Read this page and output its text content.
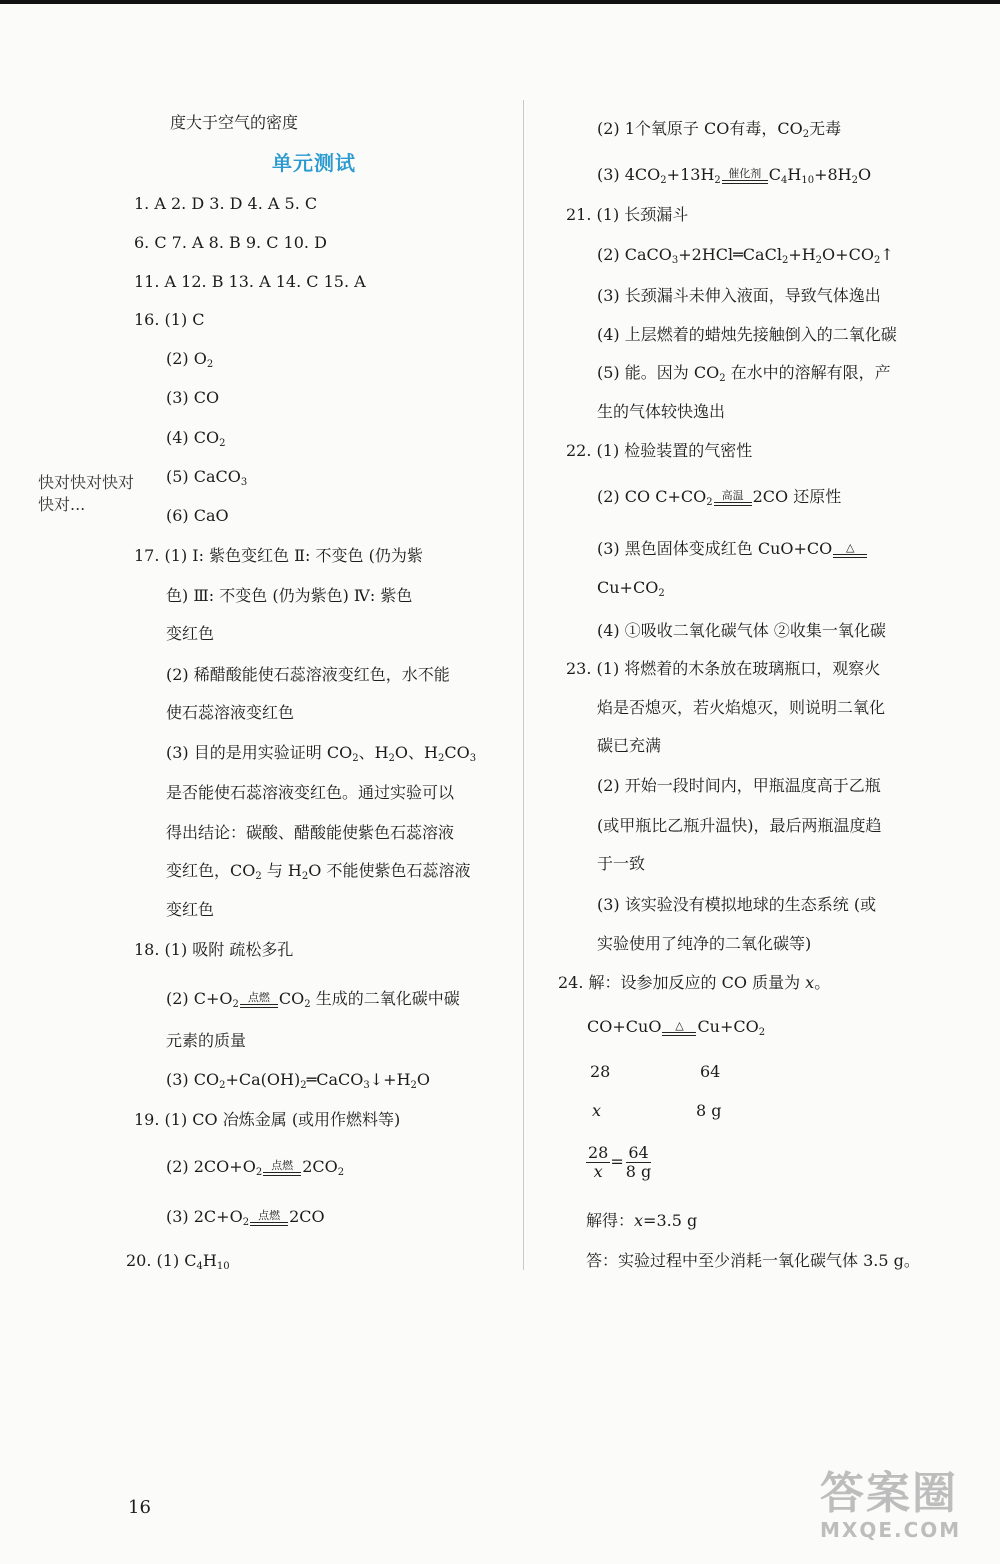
度大于空气的密度
单元测试
1. A 2. D 3. D 4. A 5. C
6. C 7. A 8. B 9. C 10. D
11. A 12. B 13. A 14. C 15. A
16. (1) C
(2) $O_2$
(3) CO
(4) $CO_2$
(5) CaCO$_3$
(6) CaO
17. (1) Ⅰ: 紫色变红色 Ⅱ: 不变色 (仍为紫
色) Ⅲ: 不变色 (仍为紫色) Ⅳ: 紫色
变红色
(2) 稀醋酸能使石蕊溶液变红色，水不能
使石蕊溶液变红色
(3) 目的是用实验证明 $CO_2$、$H_2O$、$H_2CO_3$
是否能使石蕊溶液变红色。通过实验可以
得出结论：碳酸、醋酸能使紫色石蕊溶液
变红色，$CO_2$ 与 $H_2O$ 不能使紫色石蕊溶液
变红色
18. (1) 吸附 疏松多孔
(2) $C+O_2$
点燃 $CO_2$ 生成的二氧化碳中碳
元素的质量
(3) $CO_2+Ca(OH)_2═CaCO_3↓+H_2O$
19. (1) CO 冶炼金属 (或用作燃料等)
(2) $2CO+O_2$
点燃 $2CO_2$
(3) $2C+O_2$
点燃 2CO
20. (1) $C_4H_{10}$
快对快对快对
快对...
(2) 1个氧原子 CO有毒，$CO_2$无毒
(3) $4CO_2+13H_2$
催化剂 $C_4H_{10}+8H_2O$
21. (1) 长颈漏斗
(2) $CaCO_3+2HCl═CaCl_2+H_2O+CO_2↑$
(3) 长颈漏斗未伸入液面，导致气体逸出
(4) 上层燃着的蜡烛先接触倒入的二氧化碳
(5) 能。因为 $CO_2$ 在水中的溶解有限，产
生的气体较快逸出
22. (1) 检验装置的气密性
(2) CO $C+CO_2$
高温 2CO 还原性
(3) 黑色固体变成红色 CuO+CO △
$Cu+CO_2$
(4) ①吸收二氧化碳气体 ②收集一氧化碳
23. (1) 将燃着的木条放在玻璃瓶口，观察火
焰是否熄灭，若火焰熄灭，则说明二氧化
碳已充满
(2) 开始一段时间内，甲瓶温度高于乙瓶
(或甲瓶比乙瓶升温快)，最后两瓶温度趋
于一致
(3) 该实验没有模拟地球的生态系统 (或
实验使用了纯净的二氧化碳等)
24. 解：设参加反应的 CO 质量为 x。
CO+CuO △ $Cu+CO_2$
28	64
x	8 g
$\frac{28}{x} = \frac{64}{8 g}$
解得：x=3.5 g
答：实验过程中至少消耗一氧化碳气体 3.5 g。
16	答案圈
MXQE.COM
